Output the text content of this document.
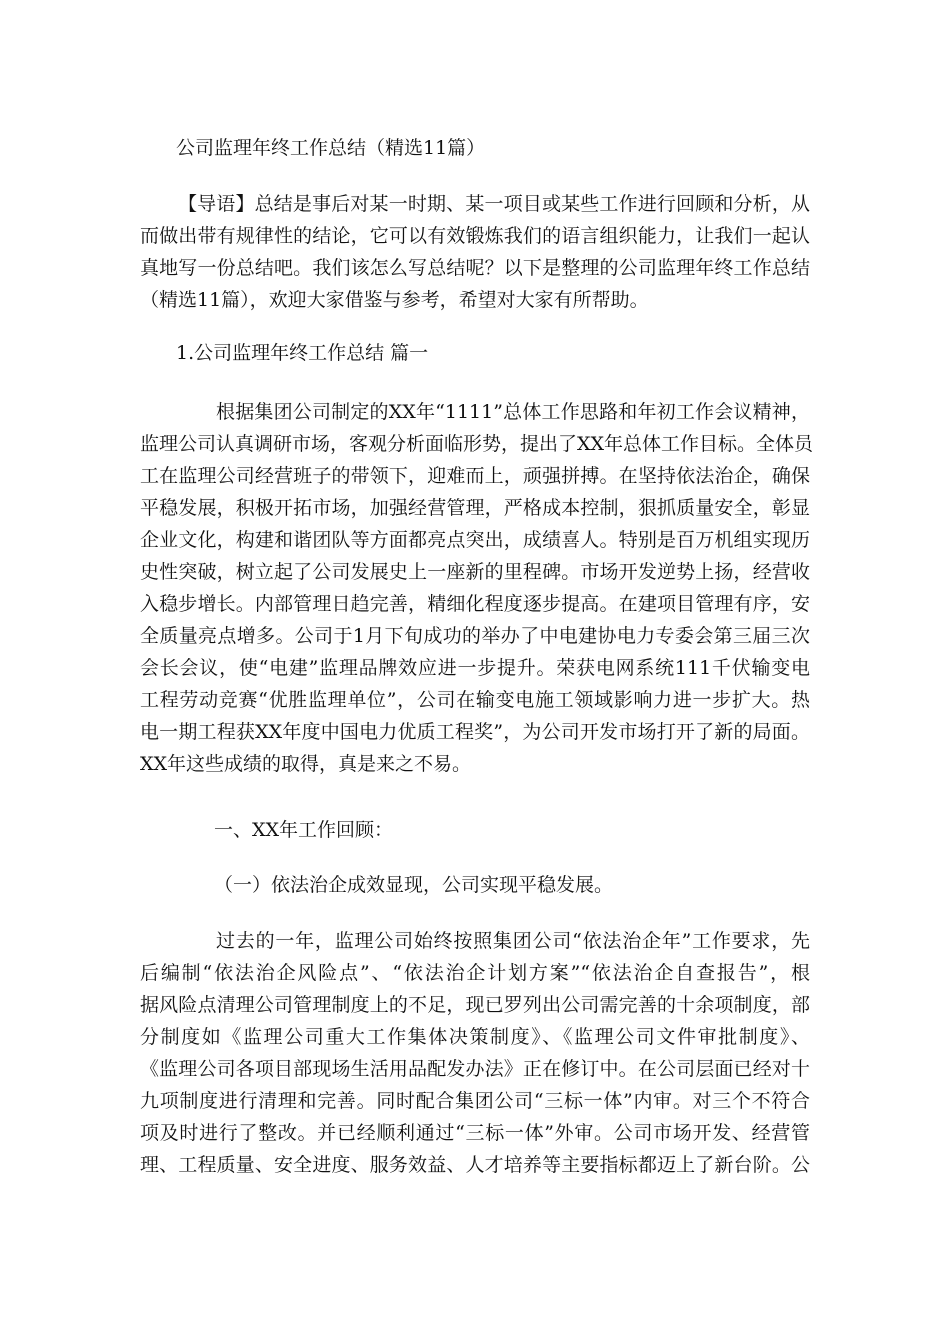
公司监理年终工作总结（精选11篇）
【导语】总结是事后对某一时期、某一项目或某些工作进行回顾和分析，从
而做出带有规律性的结论，它可以有效锻炼我们的语言组织能力，让我们一起认
真地写一份总结吧。我们该怎么写总结呢？以下是整理的公司监理年终工作总结
（精选11篇），欢迎大家借鉴与参考，希望对大家有所帮助。
1.公司监理年终工作总结 篇一
根据集团公司制定的XX年“1111”总体工作思路和年初工作会议精神，
监理公司认真调研市场，客观分析面临形势，提出了XX年总体工作目标。全体员
工在监理公司经营班子的带领下，迎难而上，顽强拼搏。在坚持依法治企，确保
平稳发展，积极开拓市场，加强经营管理，严格成本控制，狠抓质量安全，彰显
企业文化，构建和谐团队等方面都亮点突出，成绩喜人。特别是百万机组实现历
史性突破，树立起了公司发展史上一座新的里程碑。市场开发逆势上扬，经营收
入稳步增长。内部管理日趋完善，精细化程度逐步提高。在建项目管理有序，安
全质量亮点增多。公司于1月下旬成功的举办了中电建协电力专委会第三届三次
会长会议，使“电建”监理品牌效应进一步提升。荣获电网系统111千伏输变电
工程劳动竞赛“优胜监理单位”，公司在输变电施工领域影响力进一步扩大。热
电一期工程获XX年度中国电力优质工程奖”，为公司开发市场打开了新的局面。
XX年这些成绩的取得，真是来之不易。
一、XX年工作回顾：
（一）依法治企成效显现，公司实现平稳发展。
过去的一年，监理公司始终按照集团公司“依法治企年”工作要求，先
后编制“依法治企风险点”、“依法治企计划方案”“依法治企自查报告”，根
据风险点清理公司管理制度上的不足，现已罗列出公司需完善的十余项制度，部
分制度如《监理公司重大工作集体决策制度》、《监理公司文件审批制度》、
《监理公司各项目部现场生活用品配发办法》正在修订中。在公司层面已经对十
九项制度进行清理和完善。同时配合集团公司“三标一体”内审。对三个不符合
项及时进行了整改。并已经顺利通过“三标一体”外审。公司市场开发、经营管
理、工程质量、安全进度、服务效益、人才培养等主要指标都迈上了新台阶。公
